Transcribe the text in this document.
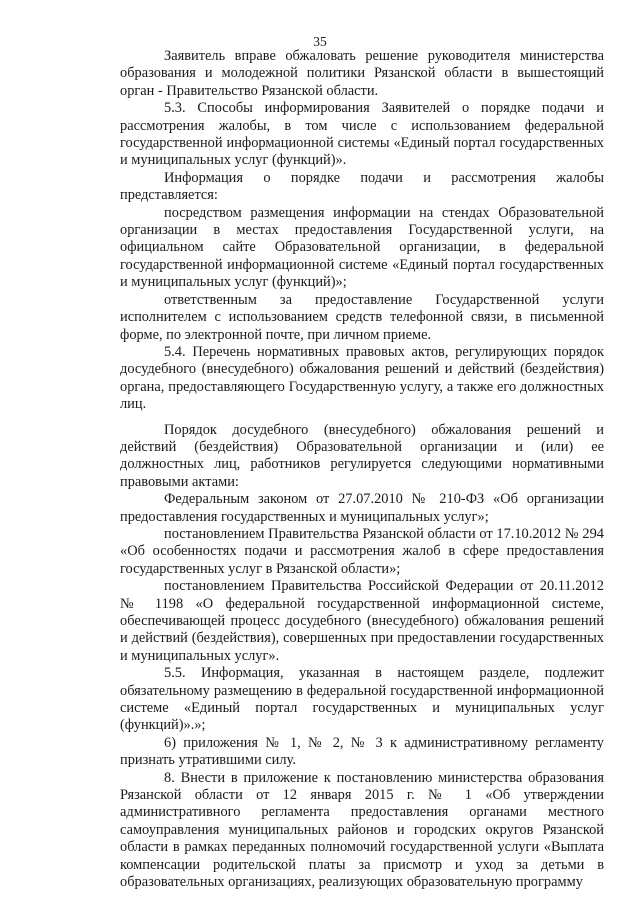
35

Заявитель вправе обжаловать решение руководителя министерства образования и молодежной политики Рязанской области в вышестоящий орган - Правительство Рязанской области.

5.3. Способы информирования Заявителей о порядке подачи и рассмотрения жалобы, в том числе с использованием федеральной государственной информационной системы «Единый портал государственных и муниципальных услуг (функций)».

Информация о порядке подачи и рассмотрения жалобы представляется:

посредством размещения информации на стендах Образовательной организации в местах предоставления Государственной услуги, на официальном сайте Образовательной организации, в федеральной государственной информационной системе «Единый портал государственных и муниципальных услуг (функций)»;

ответственным за предоставление Государственной услуги исполнителем с использованием средств телефонной связи, в письменной форме, по электронной почте, при личном приеме.

5.4. Перечень нормативных правовых актов, регулирующих порядок досудебного (внесудебного) обжалования решений и действий (бездействия) органа, предоставляющего Государственную услугу, а также его должностных лиц.

Порядок досудебного (внесудебного) обжалования решений и действий (бездействия) Образовательной организации и (или) ее должностных лиц, работников регулируется следующими нормативными правовыми актами:

Федеральным законом от 27.07.2010 № 210-ФЗ «Об организации предоставления государственных и муниципальных услуг»;

постановлением Правительства Рязанской области от 17.10.2012 № 294 «Об особенностях подачи и рассмотрения жалоб в сфере предоставления государственных услуг в Рязанской области»;

постановлением Правительства Российской Федерации от 20.11.2012 № 1198 «О федеральной государственной информационной системе, обеспечивающей процесс досудебного (внесудебного) обжалования решений и действий (бездействия), совершенных при предоставлении государственных и муниципальных услуг».

5.5. Информация, указанная в настоящем разделе, подлежит обязательному размещению в федеральной государственной информационной системе «Единый портал государственных и муниципальных услуг (функций)».»;

6) приложения № 1, № 2, № 3 к административному регламенту признать утратившими силу.

8. Внести в приложение к постановлению министерства образования Рязанской области от 12 января 2015 г. № 1 «Об утверждении административного регламента предоставления органами местного самоуправления муниципальных районов и городских округов Рязанской области в рамках переданных полномочий государственной услуги «Выплата компенсации родительской платы за присмотр и уход за детьми в образовательных организациях, реализующих образовательную программу
